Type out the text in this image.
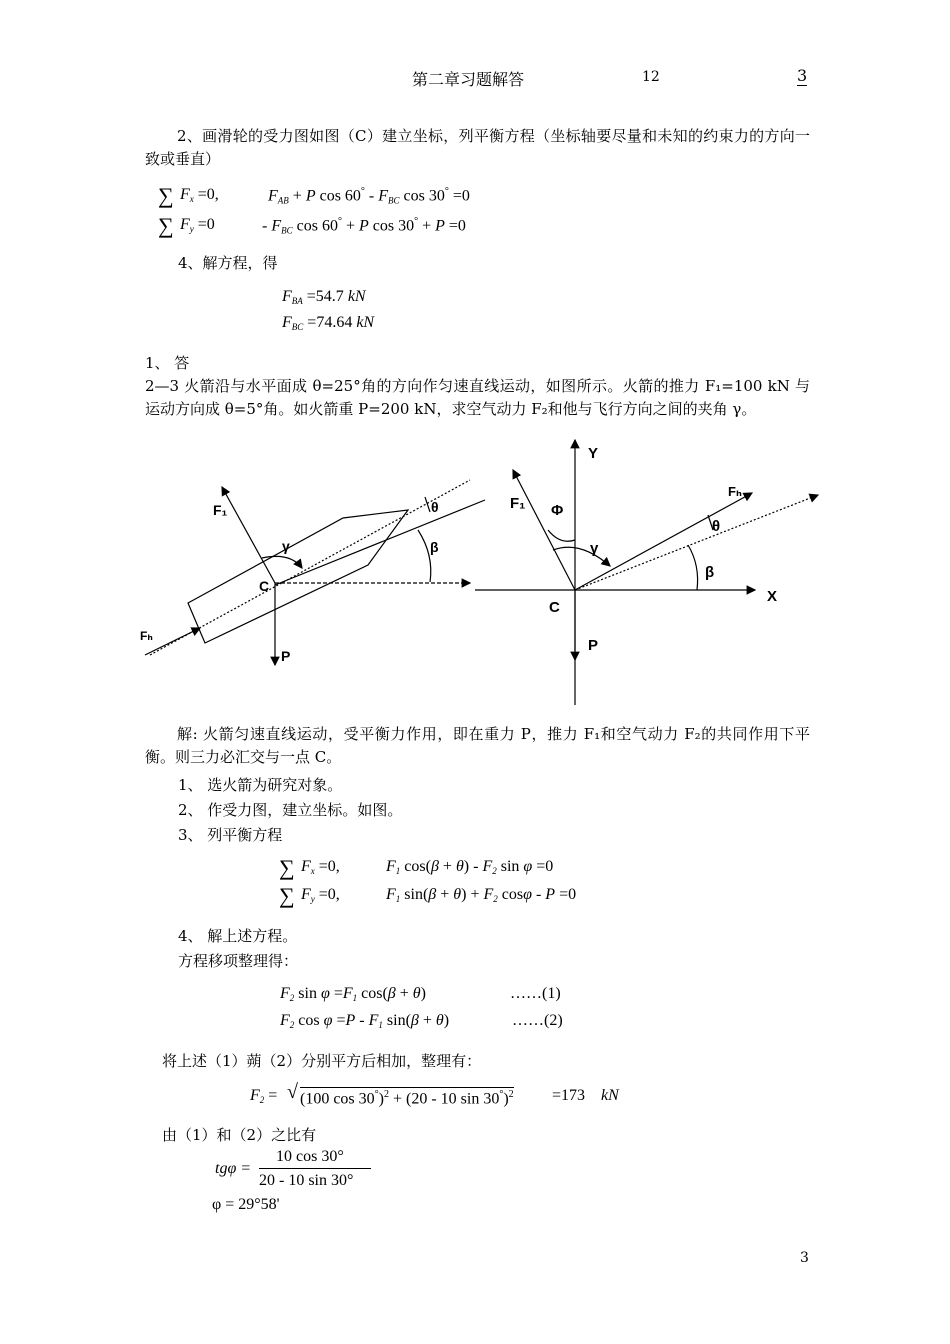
第二章习题解答	12	3
2、画滑轮的受力图如图（C）建立坐标，列平衡方程（坐标轴要尽量和未知的约束力的方向一致或垂直）
∑ $F_x =0$,	$F_{AB} + P$ $\cos 60^\circ - F_{BC}$ cos 30° =0
∑ $F_y =0$	- $F_{BC}$ cos 60° + P cos 30° + P =0
4、解方程，得
$F_{BA} =54.7$ kN
$F_{BC} =74.64$ kN
1、 答
2—3 火箭沿与水平面成 θ=25°角的方向作匀速直线运动，如图所示。火箭的推力 F₁=100 kN 与运动方向成 θ=5°角。如火箭重 P=200 kN，求空气动力 F₂和他与飞行方向之间的夹角 γ。
F₁
Fₕ
C
P
γ
θ
β
Y
X
F₁
Fₕ
C
P
Φ
γ
θ
β
解: 火箭匀速直线运动，受平衡力作用，即在重力 P，推力 F₁和空气动力 F₂的共同作用下平衡。则三力必汇交与一点 C。
1、 选火箭为研究对象。
2、 作受力图，建立坐标。如图。
3、 列平衡方程
∑ $F_x =0$,	$F_1$ $\cos(\beta + \theta) - F_2$ sin φ =0
∑ $F_y =0$,	$F_1$ $\sin(\beta + \theta) + F_2$ cosφ - P =0
4、 解上述方程。
方程移项整理得：
$F_2$ $\sin \varphi =F_1$ cos(β + θ)	……(1)
$F_2$ $\cos \varphi =P - F_1$ sin(β + θ)	……(2)
将上述（1）蒴（2）分别平方后相加，整理有：
$F_2$ = √ (100 cos 30°)$^2$ + (20 - 10 sin 30°)$^2$ =173    kN
由（1）和（2）之比有
tgφ =
10 cos 30°
20 - 10 sin 30°
φ = 29°58'
3
